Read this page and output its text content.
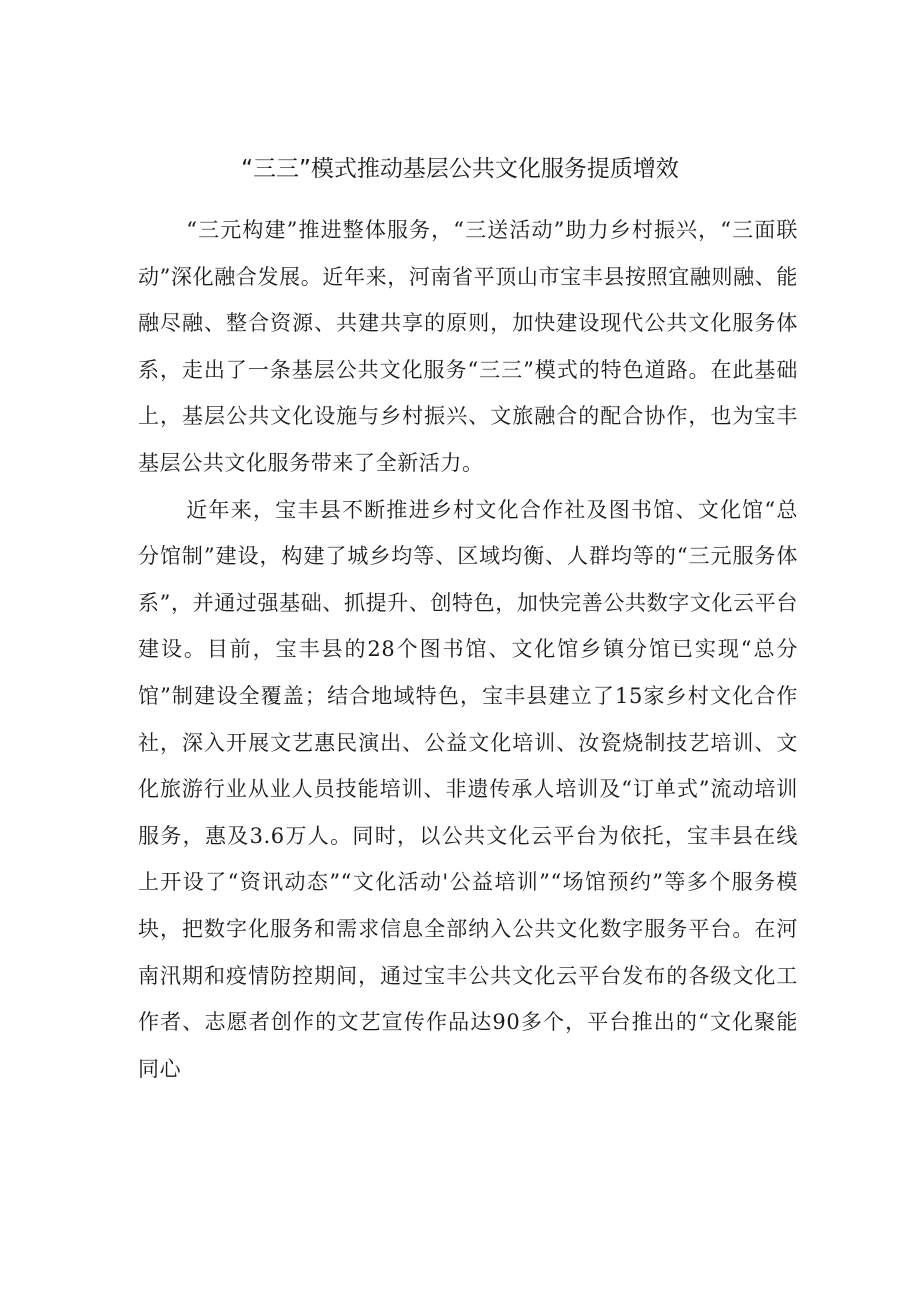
“三三”模式推动基层公共文化服务提质增效

“三元构建”推进整体服务，“三送活动”助力乡村振兴，“三面联动”深化融合发展。近年来，河南省平顶山市宝丰县按照宜融则融、能融尽融、整合资源、共建共享的原则，加快建设现代公共文化服务体系，走出了一条基层公共文化服务“三三”模式的特色道路。在此基础上，基层公共文化设施与乡村振兴、文旅融合的配合协作，也为宝丰基层公共文化服务带来了全新活力。

近年来，宝丰县不断推进乡村文化合作社及图书馆、文化馆“总分馆制”建设，构建了城乡均等、区域均衡、人群均等的“三元服务体系”，并通过强基础、抓提升、创特色，加快完善公共数字文化云平台建设。目前，宝丰县的28个图书馆、文化馆乡镇分馆已实现“总分馆”制建设全覆盖；结合地域特色，宝丰县建立了15家乡村文化合作社，深入开展文艺惠民演出、公益文化培训、汝瓷烧制技艺培训、文化旅游行业从业人员技能培训、非遗传承人培训及“订单式”流动培训服务，惠及3.6万人。同时，以公共文化云平台为依托，宝丰县在线上开设了“资讯动态”“文化活动'公益培训”“场馆预约”等多个服务模块，把数字化服务和需求信息全部纳入公共文化数字服务平台。在河南汛期和疫情防控期间，通过宝丰公共文化云平台发布的各级文化工作者、志愿者创作的文艺宣传作品达90多个，平台推出的“文化聚能同心
